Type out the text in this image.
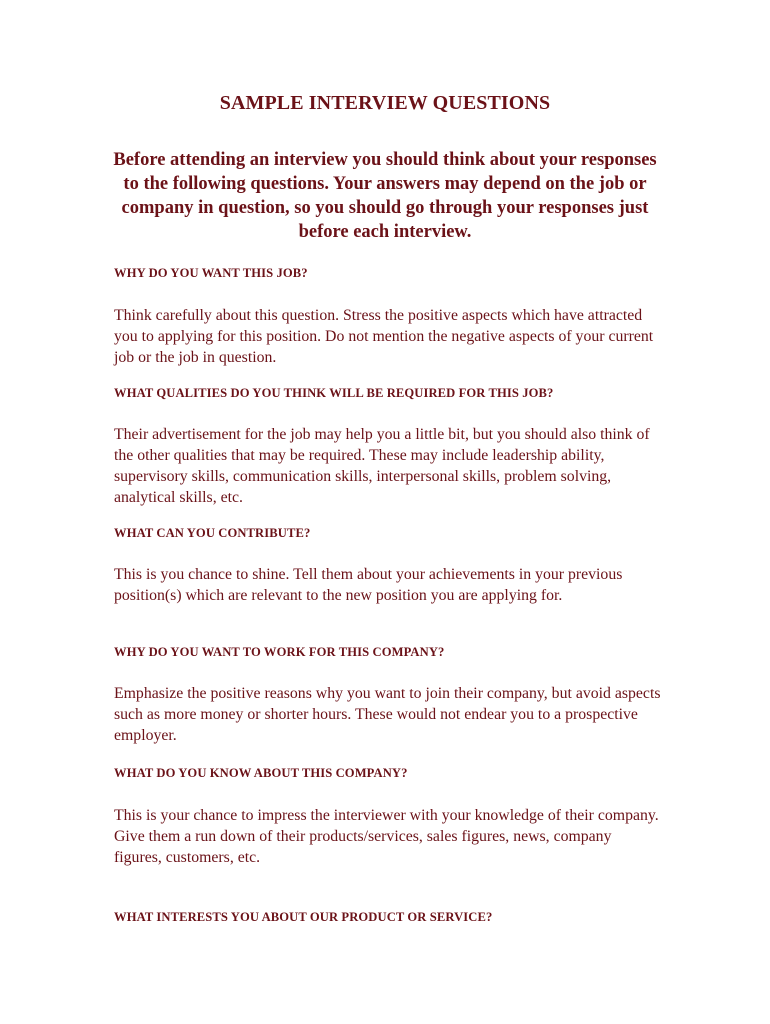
SAMPLE INTERVIEW QUESTIONS

Before attending an interview you should think about your responses to the following questions. Your answers may depend on the job or company in question, so you should go through your responses just before each interview.

WHY DO YOU WANT THIS JOB?

Think carefully about this question. Stress the positive aspects which have attracted you to applying for this position. Do not mention the negative aspects of your current job or the job in question.

WHAT QUALITIES DO YOU THINK WILL BE REQUIRED FOR THIS JOB?

Their advertisement for the job may help you a little bit, but you should also think of the other qualities that may be required. These may include leadership ability, supervisory skills, communication skills, interpersonal skills, problem solving, analytical skills, etc.

WHAT CAN YOU CONTRIBUTE?

This is you chance to shine. Tell them about your achievements in your previous position(s) which are relevant to the new position you are applying for.

WHY DO YOU WANT TO WORK FOR THIS COMPANY?

Emphasize the positive reasons why you want to join their company, but avoid aspects such as more money or shorter hours. These would not endear you to a prospective employer.

WHAT DO YOU KNOW ABOUT THIS COMPANY?

This is your chance to impress the interviewer with your knowledge of their company. Give them a run down of their products/services, sales figures, news, company figures, customers, etc.

WHAT INTERESTS YOU ABOUT OUR PRODUCT OR SERVICE?
